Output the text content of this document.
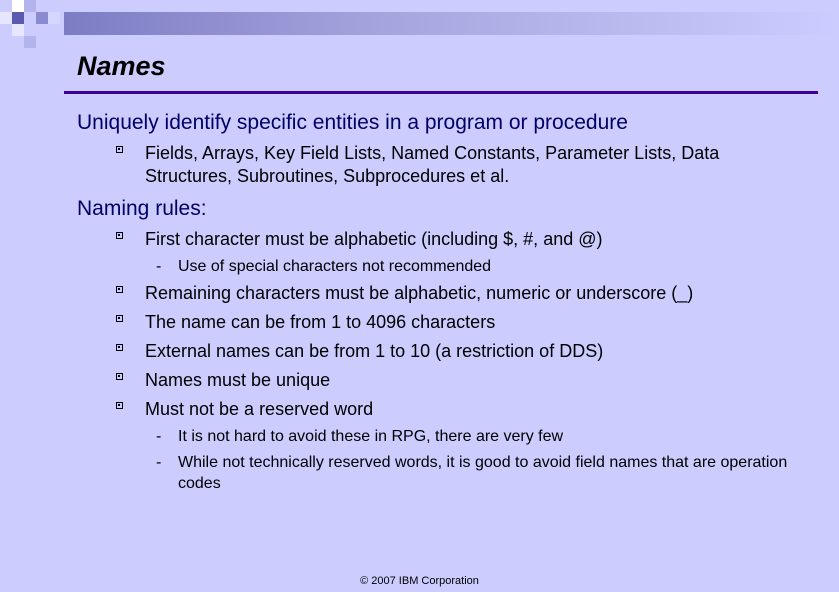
Names
Uniquely identify specific entities in a program or procedure
Fields, Arrays, Key Field Lists, Named Constants, Parameter Lists, Data Structures, Subroutines, Subprocedures et al.
Naming rules:
First character must be alphabetic (including $, #, and @)
- Use of special characters not recommended
Remaining characters must be alphabetic, numeric or underscore (_)
The name can be from 1 to 4096 characters
External names can be from 1 to 10 (a restriction of DDS)
Names must be unique
Must not be a reserved word
- It is not hard to avoid these in RPG, there are very few
- While not technically reserved words, it is good to avoid field names that are operation codes
© 2007 IBM Corporation
